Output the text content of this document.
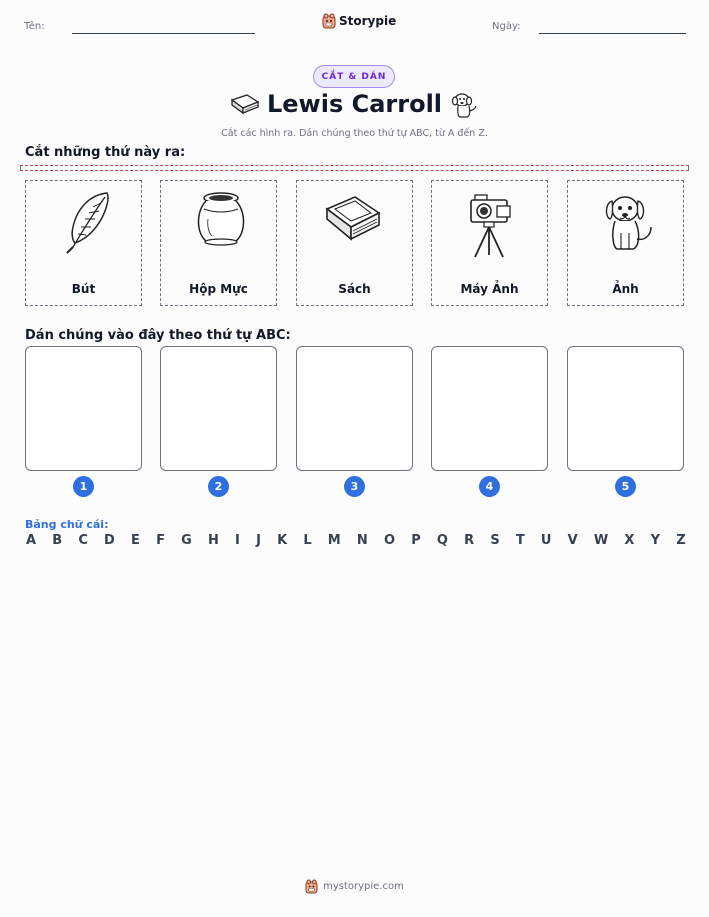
Tên:	Storypie	Ngày:
CẮT & DÁN
Lewis Carroll
Cắt các hình ra. Dán chúng theo thứ tự ABC, từ A đến Z.
Cắt những thứ này ra:
Bút	Hộp Mực	Sách	Máy Ảnh	Ảnh
Dán chúng vào đây theo thứ tự ABC:
1	2	3	4	5
Bảng chữ cái:
A B C D E F G H I J K L M N O P Q R S T U V W X Y Z
mystorypie.com
